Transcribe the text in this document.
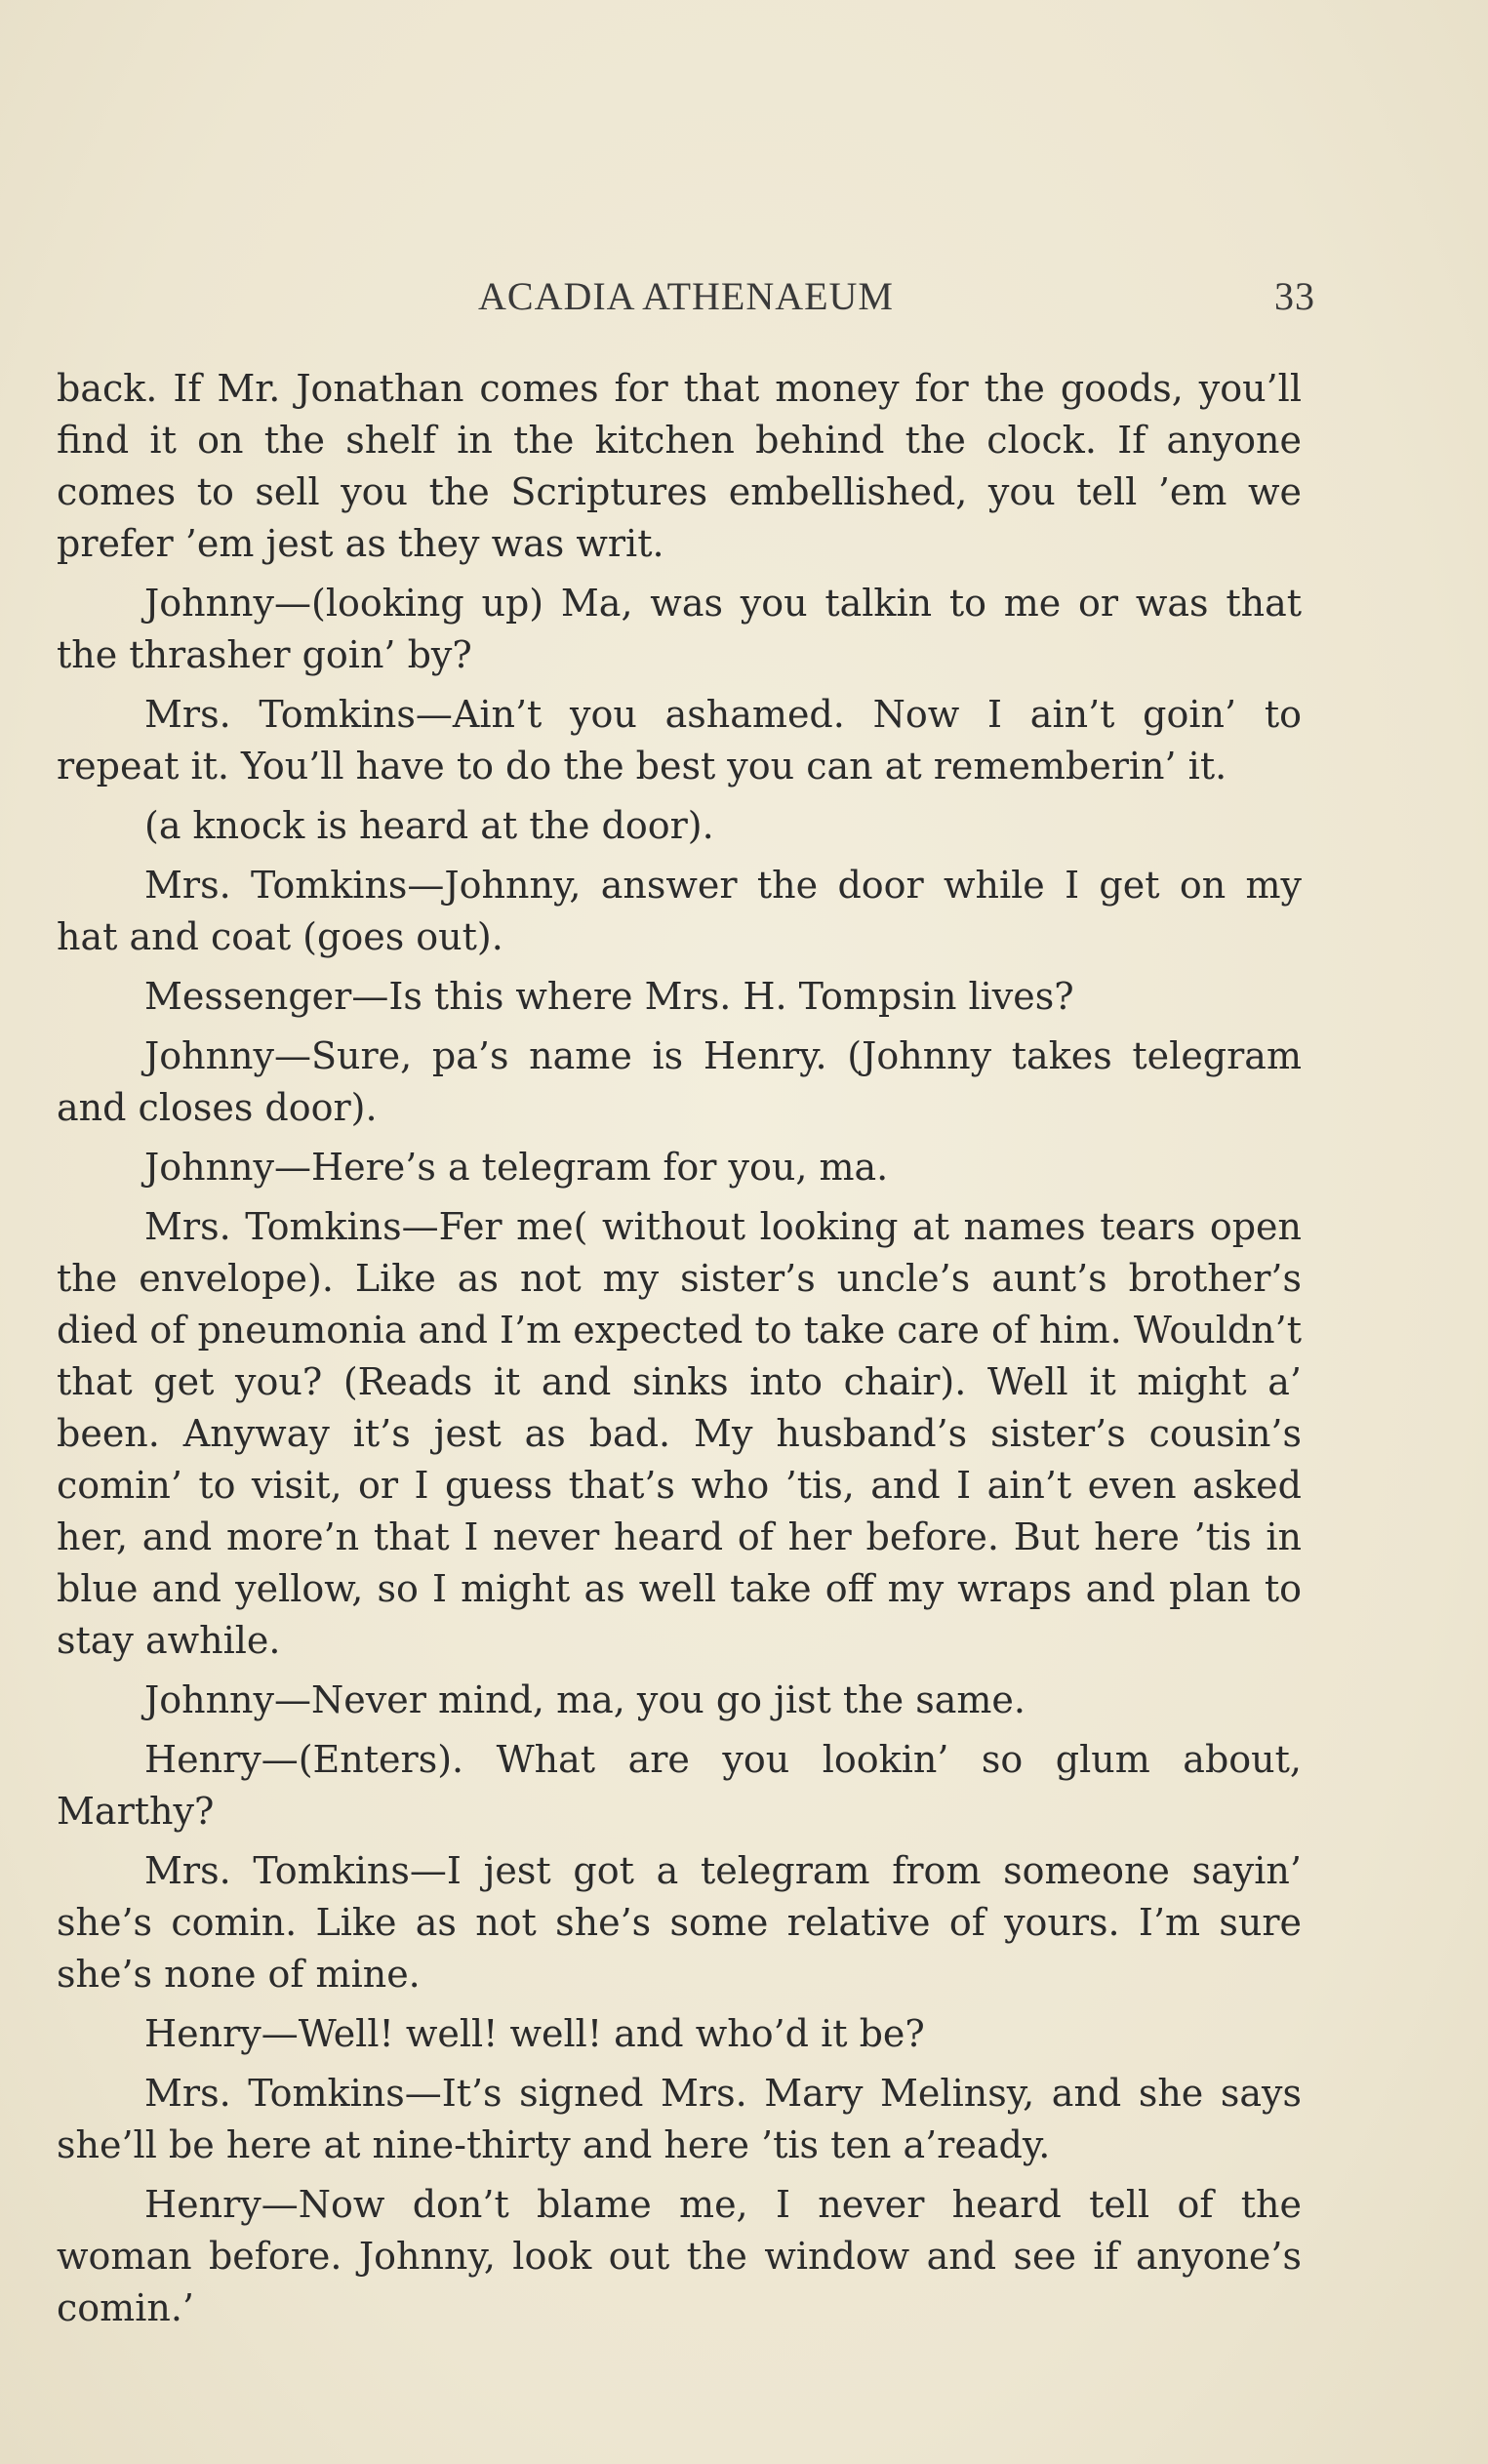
ACADIA ATHENAEUM	33

back. If Mr. Jonathan comes for that money for the goods, you’ll find it on the shelf in the kitchen behind the clock. If anyone comes to sell you the Scriptures embellished, you tell ’em we prefer ’em jest as they was writ.

Johnny—(looking up) Ma, was you talkin to me or was that the thrasher goin’ by?

Mrs. Tomkins—Ain’t you ashamed. Now I ain’t goin’ to repeat it. You’ll have to do the best you can at rememberin’ it.

(a knock is heard at the door).

Mrs. Tomkins—Johnny, answer the door while I get on my hat and coat (goes out).

Messenger—Is this where Mrs. H. Tompsin lives?

Johnny—Sure, pa’s name is Henry. (Johnny takes telegram and closes door).

Johnny—Here’s a telegram for you, ma.

Mrs. Tomkins—Fer me( without looking at names tears open the envelope). Like as not my sister’s uncle’s aunt’s brother’s died of pneumonia and I’m expected to take care of him. Wouldn’t that get you? (Reads it and sinks into chair). Well it might a’ been. Anyway it’s jest as bad. My husband’s sister’s cousin’s comin’ to visit, or I guess that’s who ’tis, and I ain’t even asked her, and more’n that I never heard of her before. But here ’tis in blue and yellow, so I might as well take off my wraps and plan to stay awhile.

Johnny—Never mind, ma, you go jist the same.

Henry—(Enters). What are you lookin’ so glum about, Marthy?

Mrs. Tomkins—I jest got a telegram from someone sayin’ she’s comin. Like as not she’s some relative of yours. I’m sure she’s none of mine.

Henry—Well! well! well! and who’d it be?

Mrs. Tomkins—It’s signed Mrs. Mary Melinsy, and she says she’ll be here at nine-thirty and here ’tis ten a’ready.

Henry—Now don’t blame me, I never heard tell of the woman before. Johnny, look out the window and see if anyone’s comin.’
